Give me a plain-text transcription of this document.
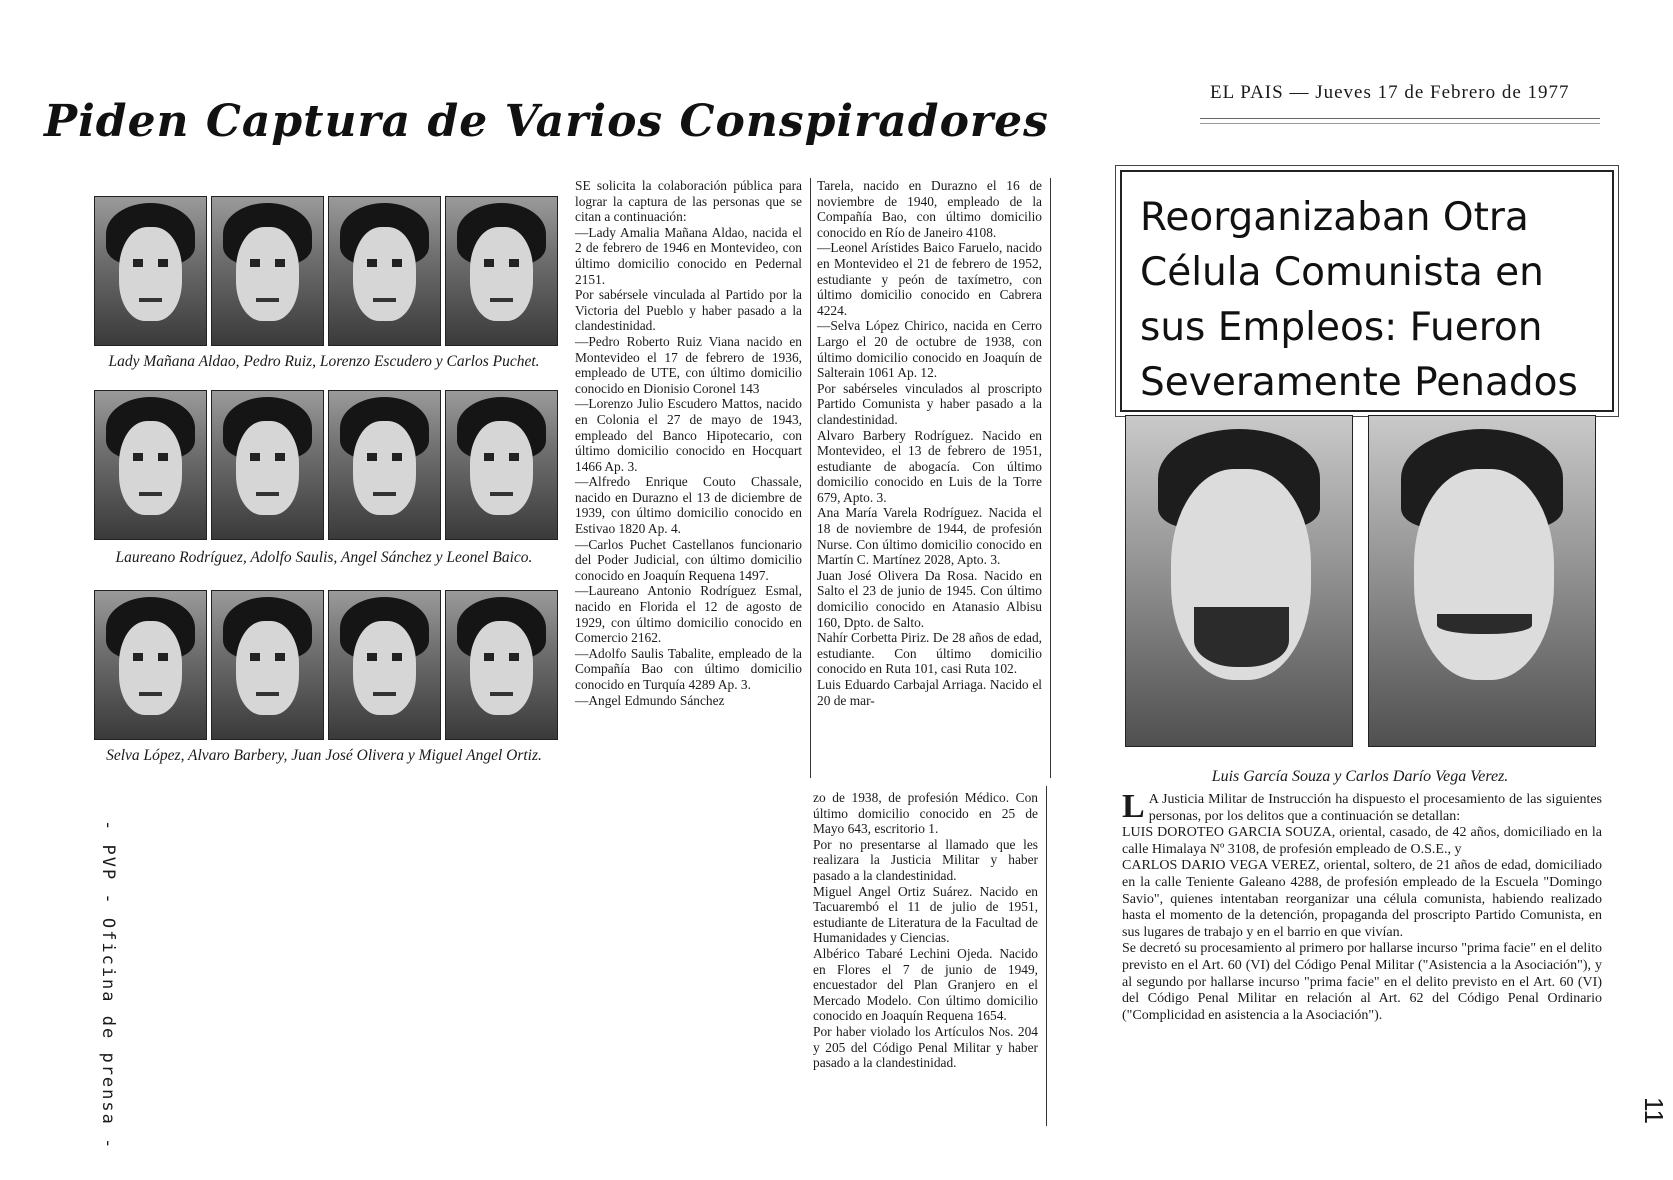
Piden Captura de Varios Conspiradores
EL PAIS — Jueves 17 de Febrero de 1977
Lady Mañana Aldao, Pedro Ruiz, Lorenzo Escudero y Carlos Puchet.
Laureano Rodríguez, Adolfo Saulis, Angel Sánchez y Leonel Baico.
Selva López, Alvaro Barbery, Juan José Olivera y Miguel Angel Ortiz.
SE solicita la colaboración pública para lograr la captura de las personas que se citan a continuación:
—Lady Amalia Mañana Aldao, nacida el 2 de febrero de 1946 en Montevideo, con último domicilio conocido en Pedernal 2151.
Por sabérsele vinculada al Partido por la Victoria del Pueblo y haber pasado a la clandestinidad.
—Pedro Roberto Ruiz Viana nacido en Montevideo el 17 de febrero de 1936, empleado de UTE, con último domicilio conocido en Dionisio Coronel 143
—Lorenzo Julio Escudero Mattos, nacido en Colonia el 27 de mayo de 1943, empleado del Banco Hipotecario, con último domicilio conocido en Hocquart 1466 Ap. 3.
—Alfredo Enrique Couto Chassale, nacido en Durazno el 13 de diciembre de 1939, con último domicilio conocido en Estivao 1820 Ap. 4.
—Carlos Puchet Castellanos funcionario del Poder Judicial, con último domicilio conocido en Joaquín Requena 1497.
—Laureano Antonio Rodríguez Esmal, nacido en Florida el 12 de agosto de 1929, con último domicilio conocido en Comercio 2162.
—Adolfo Saulis Tabalite, empleado de la Compañía Bao con último domicilio conocido en Turquía 4289 Ap. 3.
—Angel Edmundo Sánchez
Tarela, nacido en Durazno el 16 de noviembre de 1940, empleado de la Compañía Bao, con último domicilio conocido en Río de Janeiro 4108.
—Leonel Arístides Baico Faruelo, nacido en Montevideo el 21 de febrero de 1952, estudiante y peón de taxímetro, con último domicilio conocido en Cabrera 4224.
—Selva López Chirico, nacida en Cerro Largo el 20 de octubre de 1938, con último domicilio conocido en Joaquín de Salterain 1061 Ap. 12.
Por sabérseles vinculados al proscripto Partido Comunista y haber pasado a la clandestinidad.
Alvaro Barbery Rodríguez. Nacido en Montevideo, el 13 de febrero de 1951, estudiante de abogacía. Con último domicilio conocido en Luis de la Torre 679, Apto. 3.
Ana María Varela Rodríguez. Nacida el 18 de noviembre de 1944, de profesión Nurse. Con último domicilio conocido en Martín C. Martínez 2028, Apto. 3.
Juan José Olivera Da Rosa. Nacido en Salto el 23 de junio de 1945. Con último domicilio conocido en Atanasio Albisu 160, Dpto. de Salto.
Nahír Corbetta Piriz. De 28 años de edad, estudiante. Con último domicilio conocido en Ruta 101, casi Ruta 102.
Luis Eduardo Carbajal Arriaga. Nacido el 20 de mar-
zo de 1938, de profesión Médico. Con último domicilio conocido en 25 de Mayo 643, escritorio 1.
Por no presentarse al llamado que les realizara la Justicia Militar y haber pasado a la clandestinidad.
Miguel Angel Ortiz Suárez. Nacido en Tacuarembó el 11 de julio de 1951, estudiante de Literatura de la Facultad de Humanidades y Ciencias.
Albérico Tabaré Lechini Ojeda. Nacido en Flores el 7 de junio de 1949, encuestador del Plan Granjero en el Mercado Modelo. Con último domicilio conocido en Joaquín Requena 1654.
Por haber violado los Artículos Nos. 204 y 205 del Código Penal Militar y haber pasado a la clandestinidad.
Reorganizaban Otra Célula Comunista en sus Empleos: Fueron Severamente Penados
Luis García Souza y Carlos Darío Vega Verez.
L A Justicia Militar de Instrucción ha dispuesto el procesamiento de las siguientes personas, por los delitos que a continuación se detallan:
LUIS DOROTEO GARCIA SOUZA, oriental, casado, de 42 años, domiciliado en la calle Himalaya Nº 3108, de profesión empleado de O.S.E., y
CARLOS DARIO VEGA VEREZ, oriental, soltero, de 21 años de edad, domiciliado en la calle Teniente Galeano 4288, de profesión empleado de la Escuela "Domingo Savio", quienes intentaban reorganizar una célula comunista, habiendo realizado hasta el momento de la detención, propaganda del proscripto Partido Comunista, en sus lugares de trabajo y en el barrio en que vivían.
Se decretó su procesamiento al primero por hallarse incurso "prima facie" en el delito previsto en el Art. 60 (VI) del Código Penal Militar ("Asistencia a la Asociación"), y al segundo por hallarse incurso "prima facie" en el delito previsto en el Art. 60 (VI) del Código Penal Militar en relación al Art. 62 del Código Penal Ordinario ("Complicidad en asistencia a la Asociación").
- PVP - Oficina de prensa -	11
